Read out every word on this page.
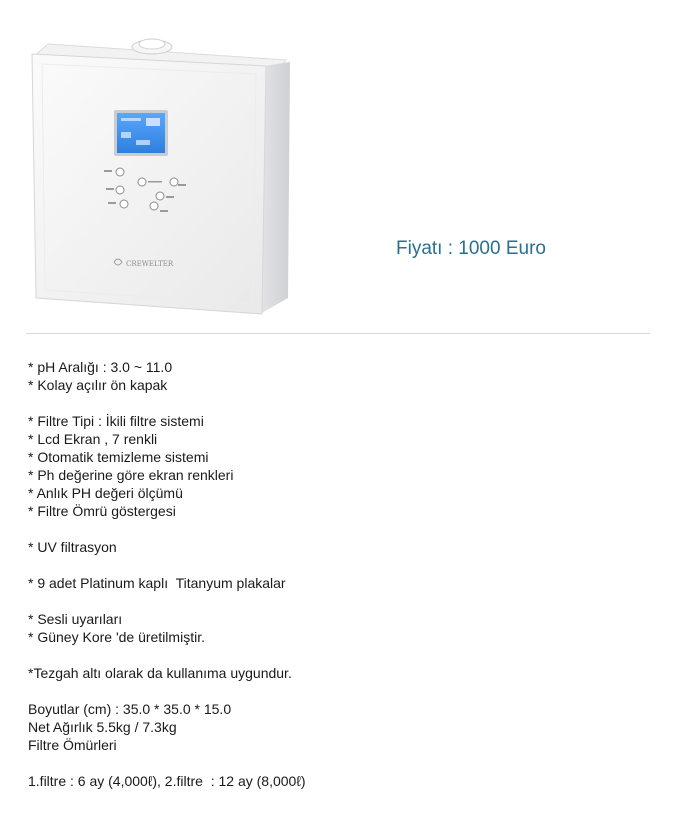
CREWELTER
Fiyatı : 1000 Euro
* pH Aralığı : 3.0 ~ 11.0
* Kolay açılır ön kapak
* Filtre Tipi : İkili filtre sistemi
* Lcd Ekran , 7 renkli
* Otomatik temizleme sistemi
* Ph değerine göre ekran renkleri
* Anlık PH değeri ölçümü
* Filtre Ömrü göstergesi
* UV filtrasyon
* 9 adet Platinum kaplı  Titanyum plakalar
* Sesli uyarıları
* Güney Kore 'de üretilmiştir.
*Tezgah altı olarak da kullanıma uygundur.
Boyutlar (cm) : 35.0 * 35.0 * 15.0
Net Ağırlık 5.5kg / 7.3kg
Filtre Ömürleri
1.filtre : 6 ay (4,000ℓ), 2.filtre  : 12 ay (8,000ℓ)
